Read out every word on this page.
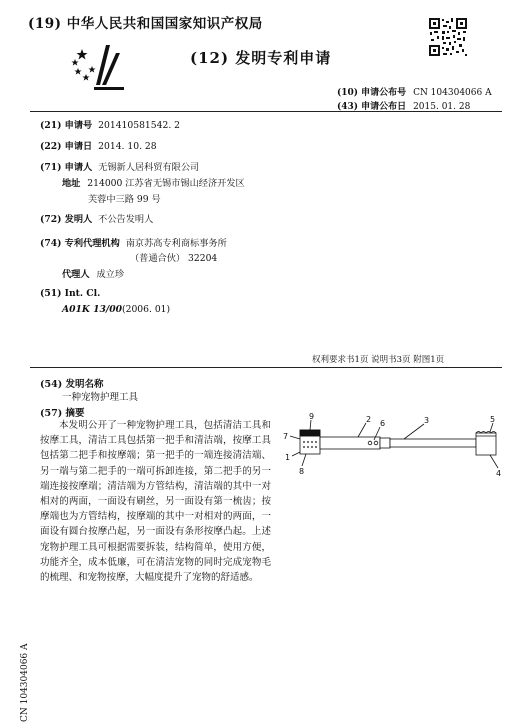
(19) 中华人民共和国国家知识产权局
(12) 发明专利申请
(10) 申请公布号 CN 104304066 A
(43) 申请公布日 2015. 01. 28
(21) 申请号 201410581542. 2
(22) 申请日 2014. 10. 28
(71) 申请人 无锡新人居科贸有限公司
地址 214000 江苏省无锡市锡山经济开发区
芙蓉中三路 99 号
(72) 发明人 不公告发明人
(74) 专利代理机构 南京苏高专利商标事务所
（普通合伙） 32204
代理人 成立珍
(51) Int. Cl.
A01K 13/00(2006. 01)
权利要求书1页 说明书3页 附图1页
(54) 发明名称
一种宠物护理工具
(57) 摘要
本发明公开了一种宠物护理工具，包括清洁工具和按摩工具，清洁工具包括第一把手和清洁端，按摩工具包括第二把手和按摩端；第一把手的一端连接清洁端、另一端与第二把手的一端可拆卸连接，第二把手的另一端连接按摩端；清洁端为方管结构，清洁端的其中一对相对的两面，一面设有刷丝，另一面设有第一梳齿；按摩端也为方管结构，按摩端的其中一对相对的两面，一面设有圆台按摩凸起，另一面设有条形按摩凸起。上述宠物护理工具可根据需要拆装，结构简单，使用方便，功能齐全，成本低廉，可在清洁宠物的同时完成宠物毛的梳理、和宠物按摩，大幅度提升了宠物的舒适感。
9
7
2 6	3	5
1
8	4
CN 104304066 A
